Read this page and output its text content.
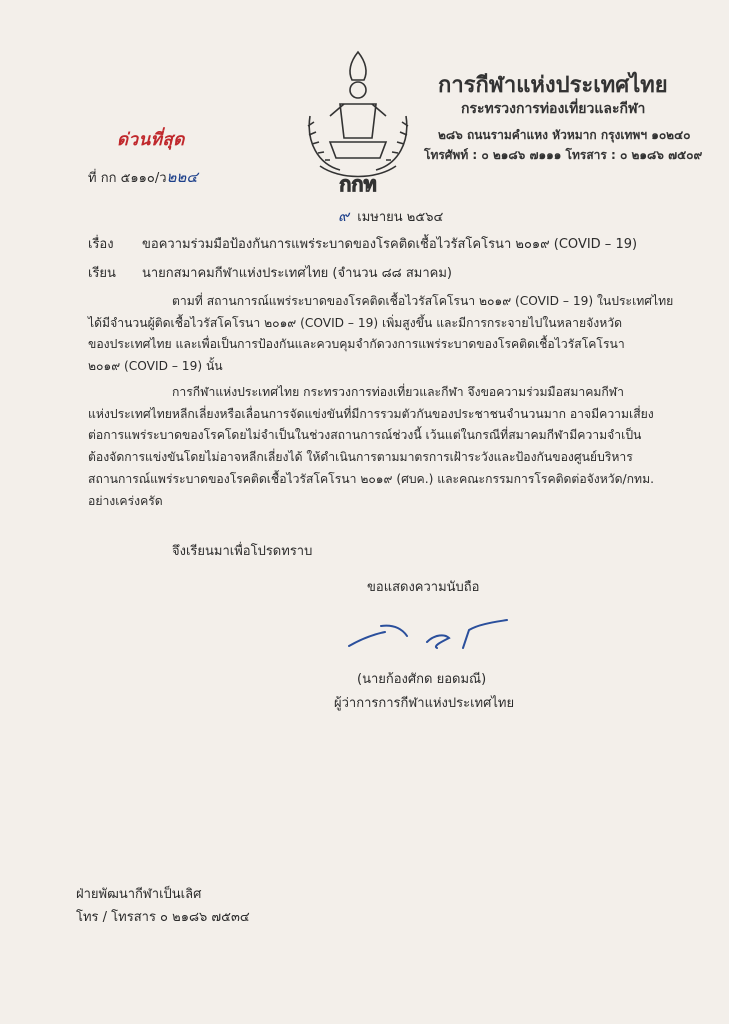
ด่วนที่สุด
ที่ กก ๕๑๑๐/ว๒๒๔	กกท
การกีฬาแห่งประเทศไทย
กระทรวงการท่องเที่ยวและกีฬา
๒๘๖ ถนนรามคำแหง หัวหมาก กรุงเทพฯ ๑๐๒๔๐
โทรศัพท์ : ๐ ๒๑๘๖ ๗๑๑๑ โทรสาร : ๐ ๒๑๘๖ ๗๕๐๙
๙ เมษายน ๒๕๖๔
เรื่อง ขอความร่วมมือป้องกันการแพร่ระบาดของโรคติดเชื้อไวรัสโคโรนา ๒๐๑๙ (COVID – 19)
เรียน นายกสมาคมกีฬาแห่งประเทศไทย (จำนวน ๘๘ สมาคม)
ตามที่ สถานการณ์แพร่ระบาดของโรคติดเชื้อไวรัสโคโรนา ๒๐๑๙ (COVID – 19) ในประเทศไทย
ได้มีจำนวนผู้ติดเชื้อไวรัสโคโรนา ๒๐๑๙ (COVID – 19) เพิ่มสูงขึ้น และมีการกระจายไปในหลายจังหวัด
ของประเทศไทย และเพื่อเป็นการป้องกันและควบคุมจำกัดวงการแพร่ระบาดของโรคติดเชื้อไวรัสโคโรนา
๒๐๑๙ (COVID – 19) นั้น
การกีฬาแห่งประเทศไทย กระทรวงการท่องเที่ยวและกีฬา จึงขอความร่วมมือสมาคมกีฬา
แห่งประเทศไทยหลีกเลี่ยงหรือเลื่อนการจัดแข่งขันที่มีการรวมตัวกันของประชาชนจำนวนมาก อาจมีความเสี่ยง
ต่อการแพร่ระบาดของโรคโดยไม่จำเป็นในช่วงสถานการณ์ช่วงนี้ เว้นแต่ในกรณีที่สมาคมกีฬามีความจำเป็น
ต้องจัดการแข่งขันโดยไม่อาจหลีกเลี่ยงได้ ให้ดำเนินการตามมาตรการเฝ้าระวังและป้องกันของศูนย์บริหาร
สถานการณ์แพร่ระบาดของโรคติดเชื้อไวรัสโคโรนา ๒๐๑๙ (ศบค.) และคณะกรรมการโรคติดต่อจังหวัด/กทม.
อย่างเคร่งครัด
จึงเรียนมาเพื่อโปรดทราบ
ขอแสดงความนับถือ
(นายก้องศักด ยอดมณี)
ผู้ว่าการการกีฬาแห่งประเทศไทย
ฝ่ายพัฒนากีฬาเป็นเลิศ
โทร / โทรสาร ๐ ๒๑๘๖ ๗๕๓๔
